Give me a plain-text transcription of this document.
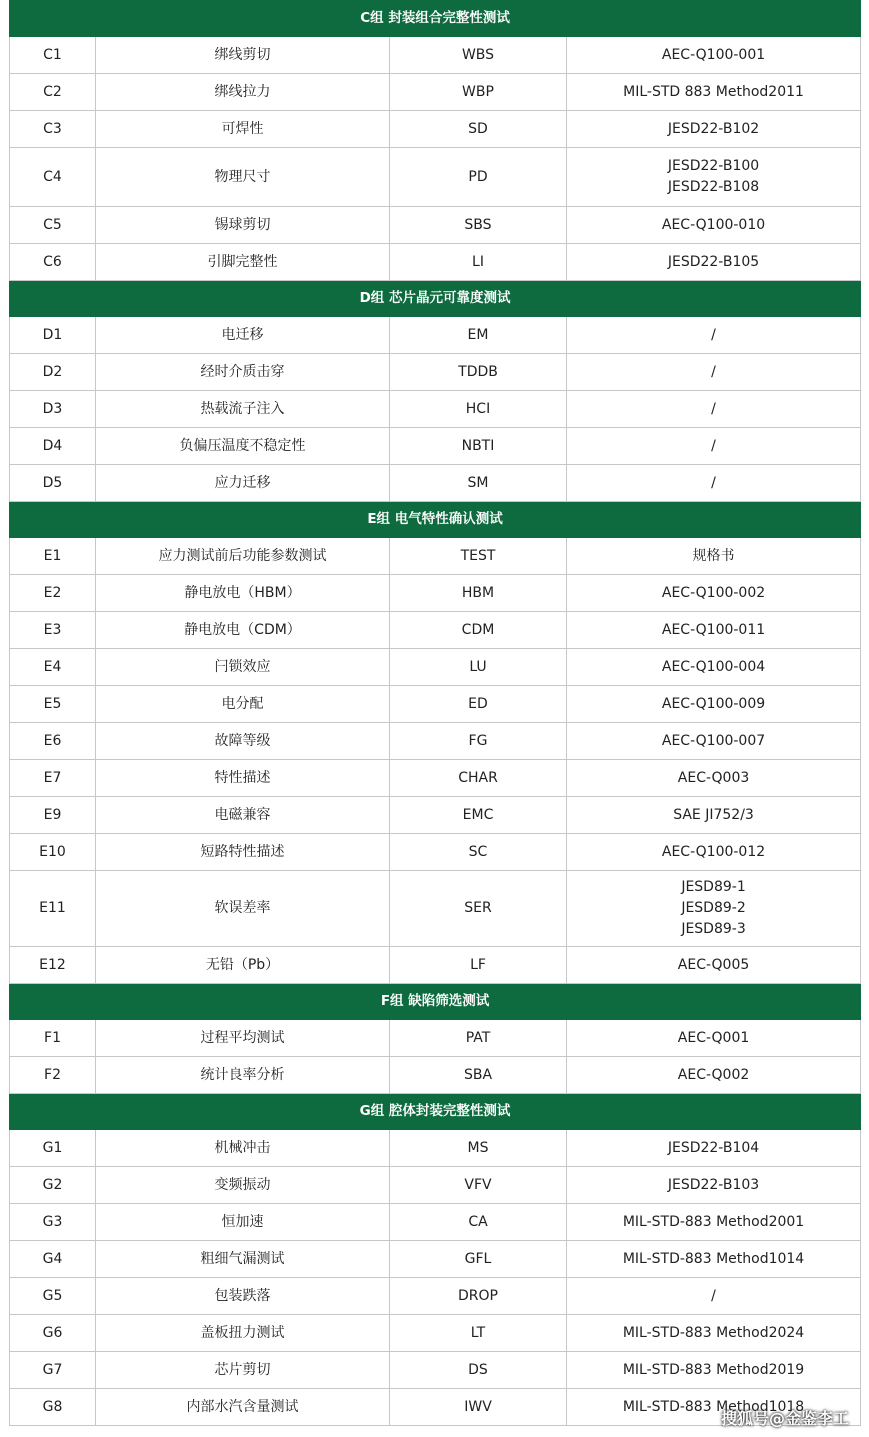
C组 封装组合完整性测试			
C1	绑线剪切	WBS	AEC-Q100-001

C2	绑线拉力	WBP	MIL-STD 883 Method2011

C3	可焊性	SD	JESD22-B102

C4	物理尺寸	PD	JESD22-B100
JESD22-B108

C5	锡球剪切	SBS	AEC-Q100-010

C6	引脚完整性	LI	JESD22-B105

D组 芯片晶元可靠度测试			
D1	电迁移	EM	/

D2	经时介质击穿	TDDB	/

D3	热载流子注入	HCI	/

D4	负偏压温度不稳定性	NBTI	/

D5	应力迁移	SM	/

E组 电气特性确认测试			
E1	应力测试前后功能参数测试	TEST	规格书

E2	静电放电（HBM）	HBM	AEC-Q100-002

E3	静电放电（CDM）	CDM	AEC-Q100-011

E4	闩锁效应	LU	AEC-Q100-004

E5	电分配	ED	AEC-Q100-009

E6	故障等级	FG	AEC-Q100-007

E7	特性描述	CHAR	AEC-Q003

E9	电磁兼容	EMC	SAE JI752/3

E10	短路特性描述	SC	AEC-Q100-012

E11	软误差率	SER	JESD89-1
JESD89-2
JESD89-3

E12	无铅（Pb）	LF	AEC-Q005

F组 缺陷筛选测试			
F1	过程平均测试	PAT	AEC-Q001

F2	统计良率分析	SBA	AEC-Q002

G组 腔体封装完整性测试			
G1	机械冲击	MS	JESD22-B104

G2	变频振动	VFV	JESD22-B103

G3	恒加速	CA	MIL-STD-883 Method2001

G4	粗细气漏测试	GFL	MIL-STD-883 Method1014

G5	包装跌落	DROP	/

G6	盖板扭力测试	LT	MIL-STD-883 Method2024

G7	芯片剪切	DS	MIL-STD-883 Method2019

G8	内部水汽含量测试	IWV	MIL-STD-883 Method1018
搜狐号@金鉴李工
